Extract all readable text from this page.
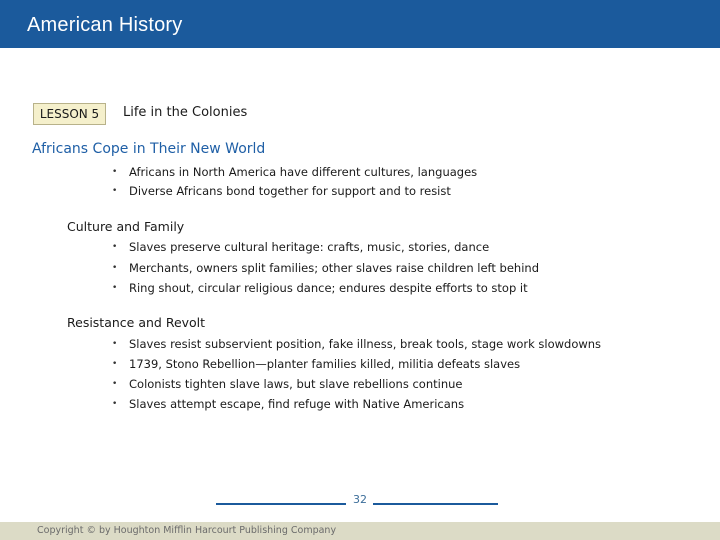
American History
LESSON 5	Life in the Colonies
Africans Cope in Their New World
• Africans in North America have different cultures, languages
• Diverse Africans bond together for support and to resist
Culture and Family
• Slaves preserve cultural heritage: crafts, music, stories, dance
• Merchants, owners split families; other slaves raise children left behind
• Ring shout, circular religious dance; endures despite efforts to stop it
Resistance and Revolt
• Slaves resist subservient position, fake illness, break tools, stage work slowdowns
• 1739, Stono Rebellion—planter families killed, militia defeats slaves
• Colonists tighten slave laws, but slave rebellions continue
• Slaves attempt escape, find refuge with Native Americans
32
Copyright © by Houghton Mifflin Harcourt Publishing Company
